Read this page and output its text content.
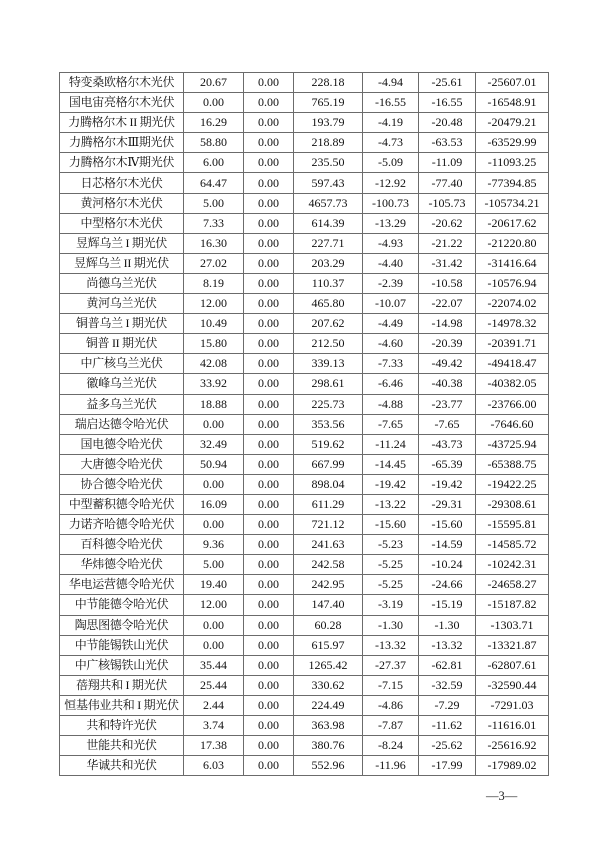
特变桑欧格尔木光伏	20.67	0.00	228.18	-4.94	-25.61	-25607.01
国电宙亮格尔木光伏	0.00	0.00	765.19	-16.55	-16.55	-16548.91
力腾格尔木 II 期光伏	16.29	0.00	193.79	-4.19	-20.48	-20479.21
力腾格尔木Ⅲ期光伏	58.80	0.00	218.89	-4.73	-63.53	-63529.99
力腾格尔木Ⅳ期光伏	6.00	0.00	235.50	-5.09	-11.09	-11093.25
日芯格尔木光伏	64.47	0.00	597.43	-12.92	-77.40	-77394.85
黄河格尔木光伏	5.00	0.00	4657.73	-100.73	-105.73	-105734.21
中型格尔木光伏	7.33	0.00	614.39	-13.29	-20.62	-20617.62
昱辉乌兰 I 期光伏	16.30	0.00	227.71	-4.93	-21.22	-21220.80
昱辉乌兰 II 期光伏	27.02	0.00	203.29	-4.40	-31.42	-31416.64
尚德乌兰光伏	8.19	0.00	110.37	-2.39	-10.58	-10576.94
黄河乌兰光伏	12.00	0.00	465.80	-10.07	-22.07	-22074.02
铜普乌兰 I 期光伏	10.49	0.00	207.62	-4.49	-14.98	-14978.32
铜普 II 期光伏	15.80	0.00	212.50	-4.60	-20.39	-20391.71
中广核乌兰光伏	42.08	0.00	339.13	-7.33	-49.42	-49418.47
徽峰乌兰光伏	33.92	0.00	298.61	-6.46	-40.38	-40382.05
益多乌兰光伏	18.88	0.00	225.73	-4.88	-23.77	-23766.00
瑞启达德令哈光伏	0.00	0.00	353.56	-7.65	-7.65	-7646.60
国电德令哈光伏	32.49	0.00	519.62	-11.24	-43.73	-43725.94
大唐德令哈光伏	50.94	0.00	667.99	-14.45	-65.39	-65388.75
协合德令哈光伏	0.00	0.00	898.04	-19.42	-19.42	-19422.25
中型蓄积德令哈光伏	16.09	0.00	611.29	-13.22	-29.31	-29308.61
力诺齐哈德令哈光伏	0.00	0.00	721.12	-15.60	-15.60	-15595.81
百科德令哈光伏	9.36	0.00	241.63	-5.23	-14.59	-14585.72
华炜德令哈光伏	5.00	0.00	242.58	-5.25	-10.24	-10242.31
华电运营德令哈光伏	19.40	0.00	242.95	-5.25	-24.66	-24658.27
中节能德令哈光伏	12.00	0.00	147.40	-3.19	-15.19	-15187.82
陶思图德令哈光伏	0.00	0.00	60.28	-1.30	-1.30	-1303.71
中节能锡铁山光伏	0.00	0.00	615.97	-13.32	-13.32	-13321.87
中广核锡铁山光伏	35.44	0.00	1265.42	-27.37	-62.81	-62807.61
蓓翔共和 I 期光伏	25.44	0.00	330.62	-7.15	-32.59	-32590.44
恒基伟业共和 I 期光伏	2.44	0.00	224.49	-4.86	-7.29	-7291.03
共和特许光伏	3.74	0.00	363.98	-7.87	-11.62	-11616.01
世能共和光伏	17.38	0.00	380.76	-8.24	-25.62	-25616.92
华诚共和光伏	6.03	0.00	552.96	-11.96	-17.99	-17989.02
—3—
